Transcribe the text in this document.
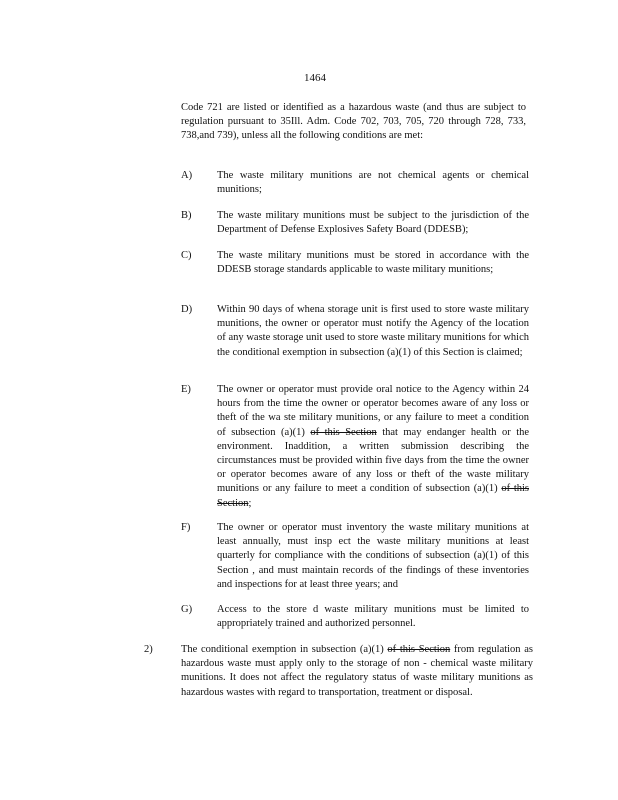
1464
Code 721 are listed or identified as a hazardous waste (and thus are subject to regulation pursuant to 35Ill. Adm. Code 702, 703, 705, 720 through 728, 733, 738,and 739), unless all the following conditions are met:
A) The waste military munitions are not chemical agents or chemical munitions;
B) The waste military munitions must be subject to the jurisdiction of the Department of Defense Explosives Safety Board (DDESB);
C) The waste military munitions must be stored in accordance with the DDESB storage standards applicable to waste military munitions;
D) Within 90 days of whena storage unit is first used to store waste military munitions, the owner or operator must notify the Agency of the location of any waste storage unit used to store waste military munitions for which the conditional exemption in subsection (a)(1) of this Section is claimed;
E) The owner or operator must provide oral notice to the Agency within 24 hours from the time the owner or operator becomes aware of any loss or theft of the wa ste military munitions, or any failure to meet a condition of subsection (a)(1) of this Section that may endanger health or the environment. Inaddition, a written submission describing the circumstances must be provided within five days from the time the owner or operator becomes aware of any loss or theft of the waste military munitions or any failure to meet a condition of subsection (a)(1) of this Section;
F)	The owner or operator must inventory the waste military munitions at least annually, must insp ect the waste military munitions at least quarterly for compliance with the conditions of subsection (a)(1) of this Section , and must maintain records of the findings of these inventories and inspections for at least three years; and
G) Access to the store d waste military munitions must be limited to appropriately trained and authorized personnel.
2)	The conditional exemption in subsection (a)(1) of this Section from regulation as hazardous waste must apply only to the storage of non - chemical waste military munitions. It does not affect the regulatory status of waste military munitions as hazardous wastes with regard to transportation, treatment or disposal.
